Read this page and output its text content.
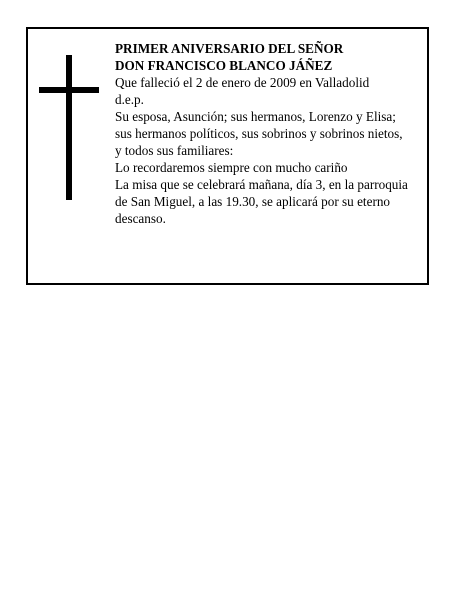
PRIMER ANIVERSARIO DEL SEÑOR
DON FRANCISCO BLANCO JÁÑEZ
Que falleció el 2 de enero de 2009 en Valladolid
d.e.p.
Su esposa, Asunción; sus hermanos, Lorenzo y Elisa;
sus hermanos políticos, sus sobrinos y sobrinos nietos,
y todos sus familiares:
Lo recordaremos siempre con mucho cariño
La misa que se celebrará mañana, día 3, en la parroquia
de San Miguel, a las 19.30, se aplicará por su eterno
descanso.
